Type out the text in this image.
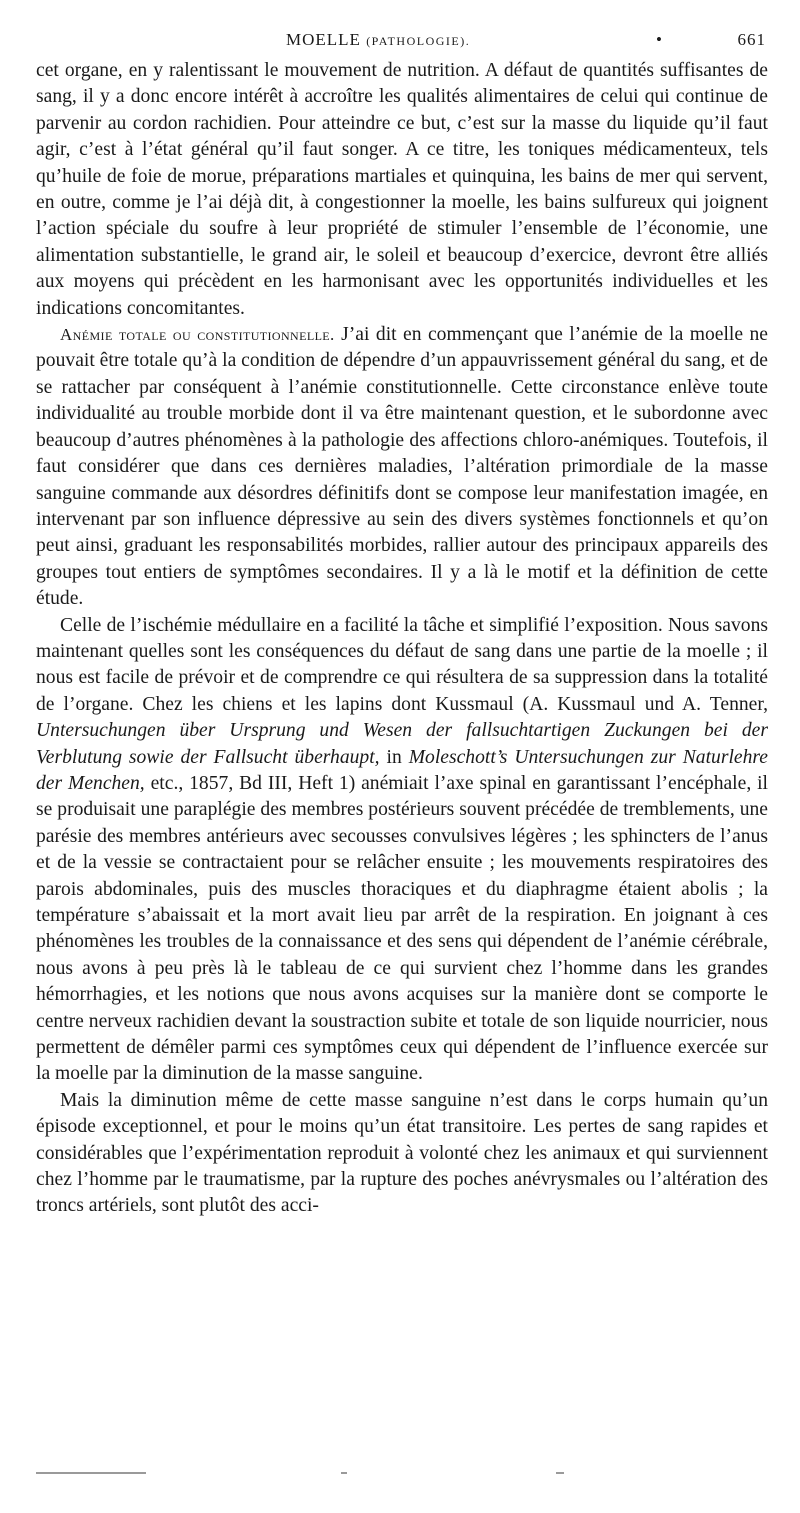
MOELLE (PATHOLOGIE).	•	661

cet organe, en y ralentissant le mouvement de nutrition. A défaut de quantités suffisantes de sang, il y a donc encore intérêt à accroître les qualités alimentaires de celui qui continue de parvenir au cordon rachidien. Pour atteindre ce but, c’est sur la masse du liquide qu’il faut agir, c’est à l’état général qu’il faut songer. A ce titre, les toniques médicamenteux, tels qu’huile de foie de morue, préparations martiales et quinquina, les bains de mer qui servent, en outre, comme je l’ai déjà dit, à congestionner la moelle, les bains sulfureux qui joignent l’action spéciale du soufre à leur propriété de stimuler l’ensemble de l’économie, une alimentation substantielle, le grand air, le soleil et beaucoup d’exercice, devront être alliés aux moyens qui précèdent en les harmonisant avec les opportunités individuelles et les indications concomitantes.

Anémie totale ou constitutionnelle. J’ai dit en commençant que l’anémie de la moelle ne pouvait être totale qu’à la condition de dépendre d’un appauvrissement général du sang, et de se rattacher par conséquent à l’anémie constitutionnelle. Cette circonstance enlève toute individualité au trouble morbide dont il va être maintenant question, et le subordonne avec beaucoup d’autres phénomènes à la pathologie des affections chloro-anémiques. Toutefois, il faut considérer que dans ces dernières maladies, l’altération primordiale de la masse sanguine commande aux désordres définitifs dont se compose leur manifestation imagée, en intervenant par son influence dépressive au sein des divers systèmes fonctionnels et qu’on peut ainsi, graduant les responsabilités morbides, rallier autour des principaux appareils des groupes tout entiers de symptômes secondaires. Il y a là le motif et la définition de cette étude.

Celle de l’ischémie médullaire en a facilité la tâche et simplifié l’exposition. Nous savons maintenant quelles sont les conséquences du défaut de sang dans une partie de la moelle ; il nous est facile de prévoir et de comprendre ce qui résultera de sa suppression dans la totalité de l’organe. Chez les chiens et les lapins dont Kussmaul (A. Kussmaul und A. Tenner, Untersuchungen über Ursprung und Wesen der fallsuchtartigen Zuckungen bei der Verblutung sowie der Fallsucht überhaupt, in Moleschott’s Untersuchungen zur Naturlehre der Menchen, etc., 1857, Bd III, Heft 1) anémiait l’axe spinal en garantissant l’encéphale, il se produisait une paraplégie des membres postérieurs souvent précédée de tremblements, une parésie des membres antérieurs avec secousses convulsives légères ; les sphincters de l’anus et de la vessie se contractaient pour se relâcher ensuite ; les mouvements respiratoires des parois abdominales, puis des muscles thoraciques et du diaphragme étaient abolis ; la température s’abaissait et la mort avait lieu par arrêt de la respiration. En joignant à ces phénomènes les troubles de la connaissance et des sens qui dépendent de l’anémie cérébrale, nous avons à peu près là le tableau de ce qui survient chez l’homme dans les grandes hémorrhagies, et les notions que nous avons acquises sur la manière dont se comporte le centre nerveux rachidien devant la soustraction subite et totale de son liquide nourricier, nous permettent de démêler parmi ces symptômes ceux qui dépendent de l’influence exercée sur la moelle par la diminution de la masse sanguine.

Mais la diminution même de cette masse sanguine n’est dans le corps humain qu’un épisode exceptionnel, et pour le moins qu’un état transitoire. Les pertes de sang rapides et considérables que l’expérimentation reproduit à volonté chez les animaux et qui surviennent chez l’homme par le traumatisme, par la rupture des poches anévrysmales ou l’altération des troncs artériels, sont plutôt des acci-
